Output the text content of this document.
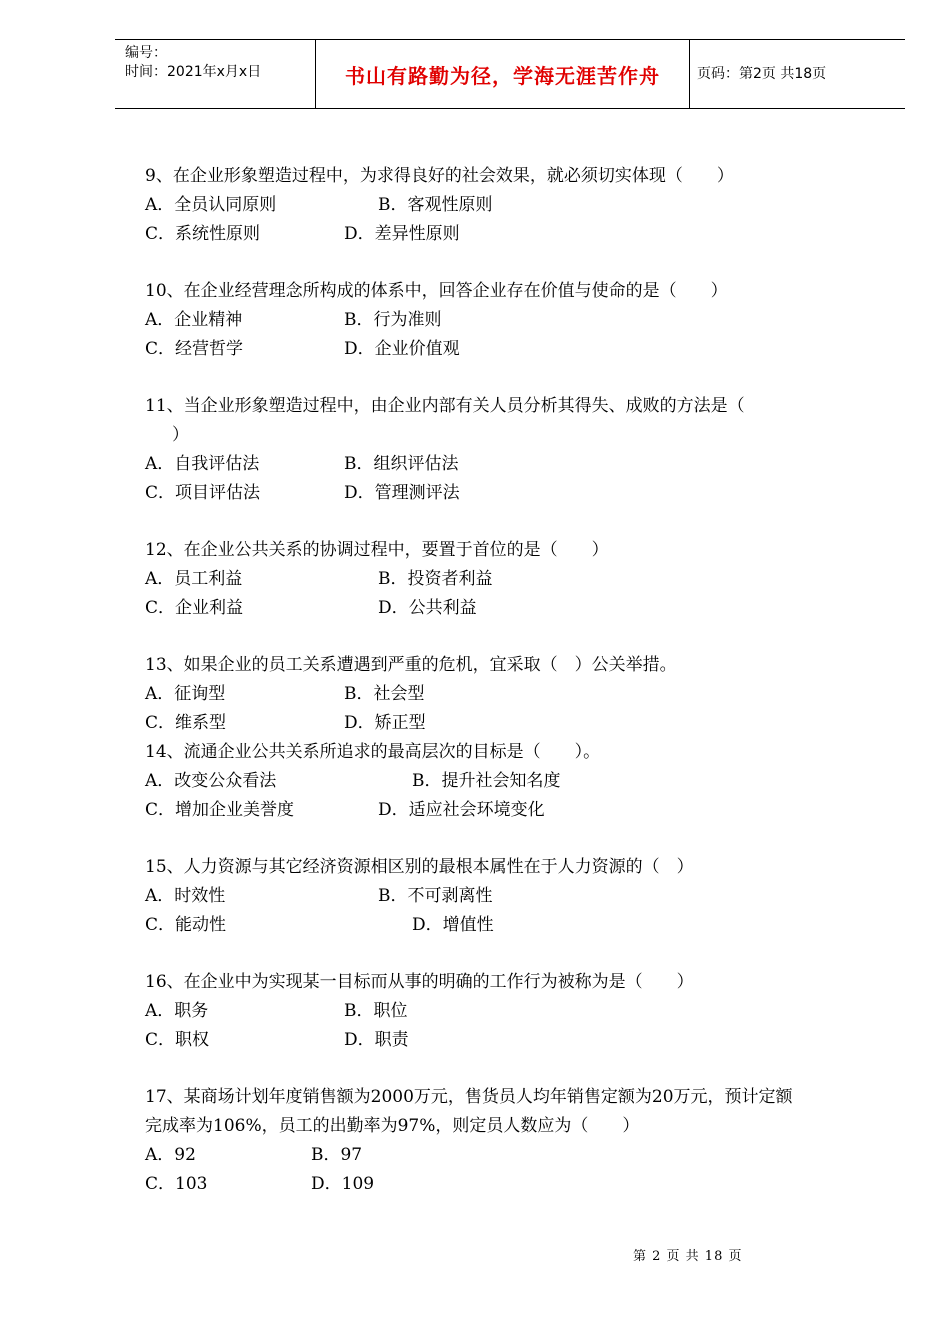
编号：
时间：2021年x月x日	书山有路勤为径，学海无涯苦作舟	页码：第2页 共18页
9、在企业形象塑造过程中，为求得良好的社会效果，就必须切实体现（　　）
A．全员认同原则	B．客观性原则
C．系统性原则	D．差异性原则
10、在企业经营理念所构成的体系中，回答企业存在价值与使命的是（　　）
A．企业精神	B．行为准则
C．经营哲学	D．企业价值观
11、当企业形象塑造过程中，由企业内部有关人员分析其得失、成败的方法是（
　）
A．自我评估法	B．组织评估法
C．项目评估法	D．管理测评法
12、在企业公共关系的协调过程中，要置于首位的是（　　）
A．员工利益	B．投资者利益
C．企业利益	D．公共利益
13、如果企业的员工关系遭遇到严重的危机，宜采取（　）公关举措。
A．征询型	B．社会型
C．维系型	D．矫正型
14、流通企业公共关系所追求的最高层次的目标是（　　）。
A．改变公众看法	B．提升社会知名度
C．增加企业美誉度	D．适应社会环境变化
15、人力资源与其它经济资源相区别的最根本属性在于人力资源的（　）
A．时效性	B．不可剥离性
C．能动性	D．增值性
16、在企业中为实现某一目标而从事的明确的工作行为被称为是（　　）
A．职务	B．职位
C．职权	D．职责
17、某商场计划年度销售额为2000万元，售货员人均年销售定额为20万元，预计定额
完成率为106%，员工的出勤率为97%，则定员人数应为（　　）
A．92	B．97
C．103	D．109
第 2 页 共 18 页
